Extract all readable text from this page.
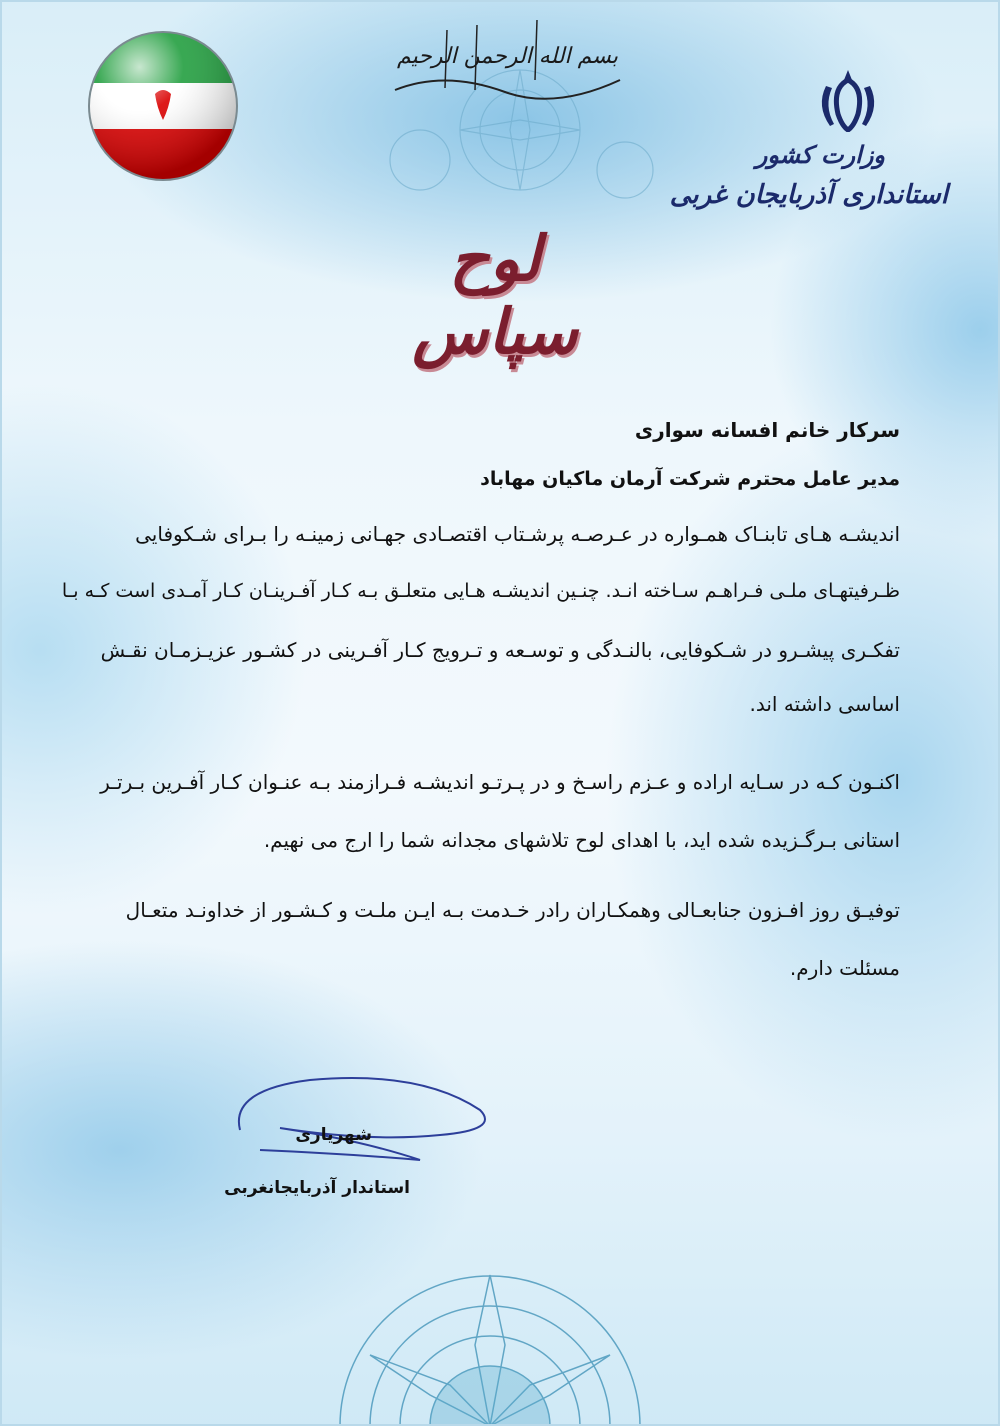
بسم الله الرحمن الرحیم
وزارت کشور
استانداری آذربایجان غربی
لوح سپاس
سرکار خانم افسانه سواری
مدیر عامل محترم شرکت آرمان ماکیان مهاباد
اندیشـه هـای تابنـاک همـواره در عـرصـه پرشـتاب اقتصـادی جهـانی زمینـه را بـرای شـکوفایی
ظـرفیتهـای ملـی فـراهـم سـاخته انـد. چنـین اندیشـه هـایی متعلـق بـه کـار آفـرینـان کـار آمـدی است کـه بـا
تفکـری پیشـرو در شـکوفایی، بالنـدگی و توسـعه و تـرویج کـار آفـرینی در کشـور عزیـزمـان نقـش
اساسی داشته اند.
اکنـون کـه در سـایه اراده و عـزم راسـخ و در پـرتـو اندیشـه فـرازمند بـه عنـوان کـار آفـرین بـرتـر
استانی بـرگـزیده شده اید، با اهدای لوح تلاشهای مجدانه شما را ارج می نهیم.
توفیـق روز افـزون جنابعـالی وهمکـاران رادر خـدمت بـه ایـن ملـت و کـشـور از خداونـد متعـال
مسئلت دارم.
شهریاری
استاندار آذربایجانغربی
